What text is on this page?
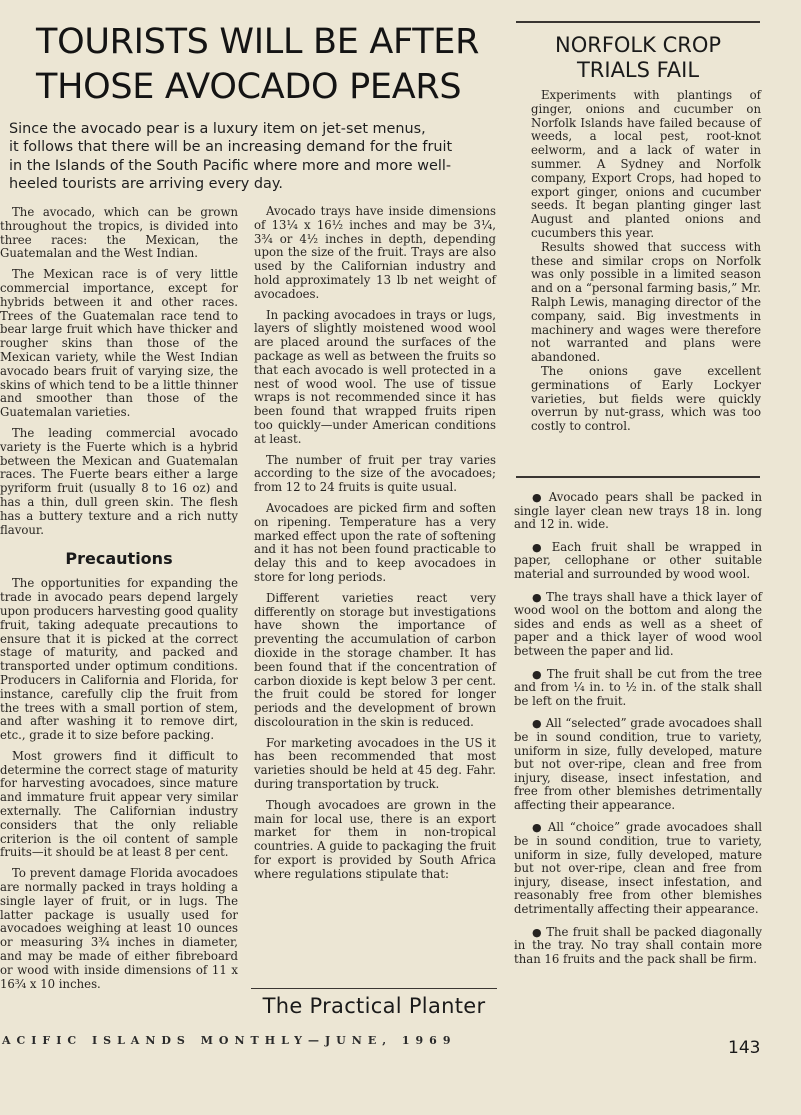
TOURISTS WILL BE AFTER
THOSE AVOCADO PEARS
Since the avocado pear is a luxury item on jet-set menus,
it follows that there will be an increasing demand for the fruit
in the Islands of the South Pacific where more and more well-
heeled tourists are arriving every day.

The avocado, which can be grown throughout the tropics, is divided into three races: the Mexican, the Guatemalan and the West Indian.

The Mexican race is of very little commercial importance, except for hybrids between it and other races. Trees of the Guatemalan race tend to bear large fruit which have thicker and rougher skins than those of the Mexican variety, while the West Indian avocado bears fruit of varying size, the skins of which tend to be a little thinner and smoother than those of the Guatemalan varieties.

The leading commercial avocado variety is the Fuerte which is a hybrid between the Mexican and Guatemalan races. The Fuerte bears either a large pyriform fruit (usually 8 to 16 oz) and has a thin, dull green skin. The flesh has a buttery texture and a rich nutty flavour.

Precautions

The opportunities for expanding the trade in avocado pears depend largely upon producers harvesting good quality fruit, taking adequate precautions to ensure that it is picked at the correct stage of maturity, and packed and transported under optimum conditions. Producers in California and Florida, for instance, carefully clip the fruit from the trees with a small portion of stem, and after washing it to remove dirt, etc., grade it to size before packing.

Most growers find it difficult to determine the correct stage of maturity for harvesting avocadoes, since mature and immature fruit appear very similar externally. The Californian industry considers that the only reliable criterion is the oil content of sample fruits—it should be at least 8 per cent.

To prevent damage Florida avocadoes are normally packed in trays holding a single layer of fruit, or in lugs. The latter package is usually used for avocadoes weighing at least 10 ounces or measuring 3¾ inches in diameter, and may be made of either fibreboard or wood with inside dimensions of 11 x 16¾ x 10 inches.

Avocado trays have inside dimensions of 13¼ x 16½ inches and may be 3¼, 3¾ or 4½ inches in depth, depending upon the size of the fruit. Trays are also used by the Californian industry and hold approximately 13 lb net weight of avocadoes.

In packing avocadoes in trays or lugs, layers of slightly moistened wood wool are placed around the surfaces of the package as well as between the fruits so that each avocado is well protected in a nest of wood wool. The use of tissue wraps is not recommended since it has been found that wrapped fruits ripen too quickly—under American conditions at least.

The number of fruit per tray varies according to the size of the avocadoes; from 12 to 24 fruits is quite usual.

Avocadoes are picked firm and soften on ripening. Temperature has a very marked effect upon the rate of softening and it has not been found practicable to delay this and to keep avocadoes in store for long periods.

Different varieties react very differently on storage but investigations have shown the importance of preventing the accumulation of carbon dioxide in the storage chamber. It has been found that if the concentration of carbon dioxide is kept below 3 per cent. the fruit could be stored for longer periods and the development of brown discolouration in the skin is reduced.

For marketing avocadoes in the US it has been recommended that most varieties should be held at 45 deg. Fahr. during transportation by truck.

Though avocadoes are grown in the main for local use, there is an export market for them in non-tropical countries. A guide to packaging the fruit for export is provided by South Africa where regulations stipulate that:

NORFOLK CROP
TRIALS FAIL

Experiments with plantings of ginger, onions and cucumber on Norfolk Islands have failed because of weeds, a local pest, root-knot eelworm, and a lack of water in summer. A Sydney and Norfolk company, Export Crops, had hoped to export ginger, onions and cucumber seeds. It began planting ginger last August and planted onions and cucumbers this year.

Results showed that success with these and similar crops on Norfolk was only possible in a limited season and on a “personal farming basis,” Mr. Ralph Lewis, managing director of the company, said. Big investments in machinery and wages were therefore not warranted and plans were abandoned.

The onions gave excellent germinations of Early Lockyer varieties, but fields were quickly overrun by nut-grass, which was too costly to control.

● Avocado pears shall be packed in single layer clean new trays 18 in. long and 12 in. wide.

● Each fruit shall be wrapped in paper, cellophane or other suitable material and surrounded by wood wool.

● The trays shall have a thick layer of wood wool on the bottom and along the sides and ends as well as a sheet of paper and a thick layer of wood wool between the paper and lid.

● The fruit shall be cut from the tree and from ¼ in. to ½ in. of the stalk shall be left on the fruit.

● All “selected” grade avocadoes shall be in sound condition, true to variety, uniform in size, fully developed, mature but not over-ripe, clean and free from injury, disease, insect infestation, and free from other blemishes detrimentally affecting their appearance.

● All “choice” grade avocadoes shall be in sound condition, true to variety, uniform in size, fully developed, mature but not over-ripe, clean and free from injury, disease, insect infestation, and reasonably free from other blemishes detrimentally affecting their appearance.

● The fruit shall be packed diagonally in the tray. No tray shall contain more than 16 fruits and the pack shall be firm.

The Practical Planter
ACIFIC ISLANDS MONTHLY—JUNE, 1969	143
